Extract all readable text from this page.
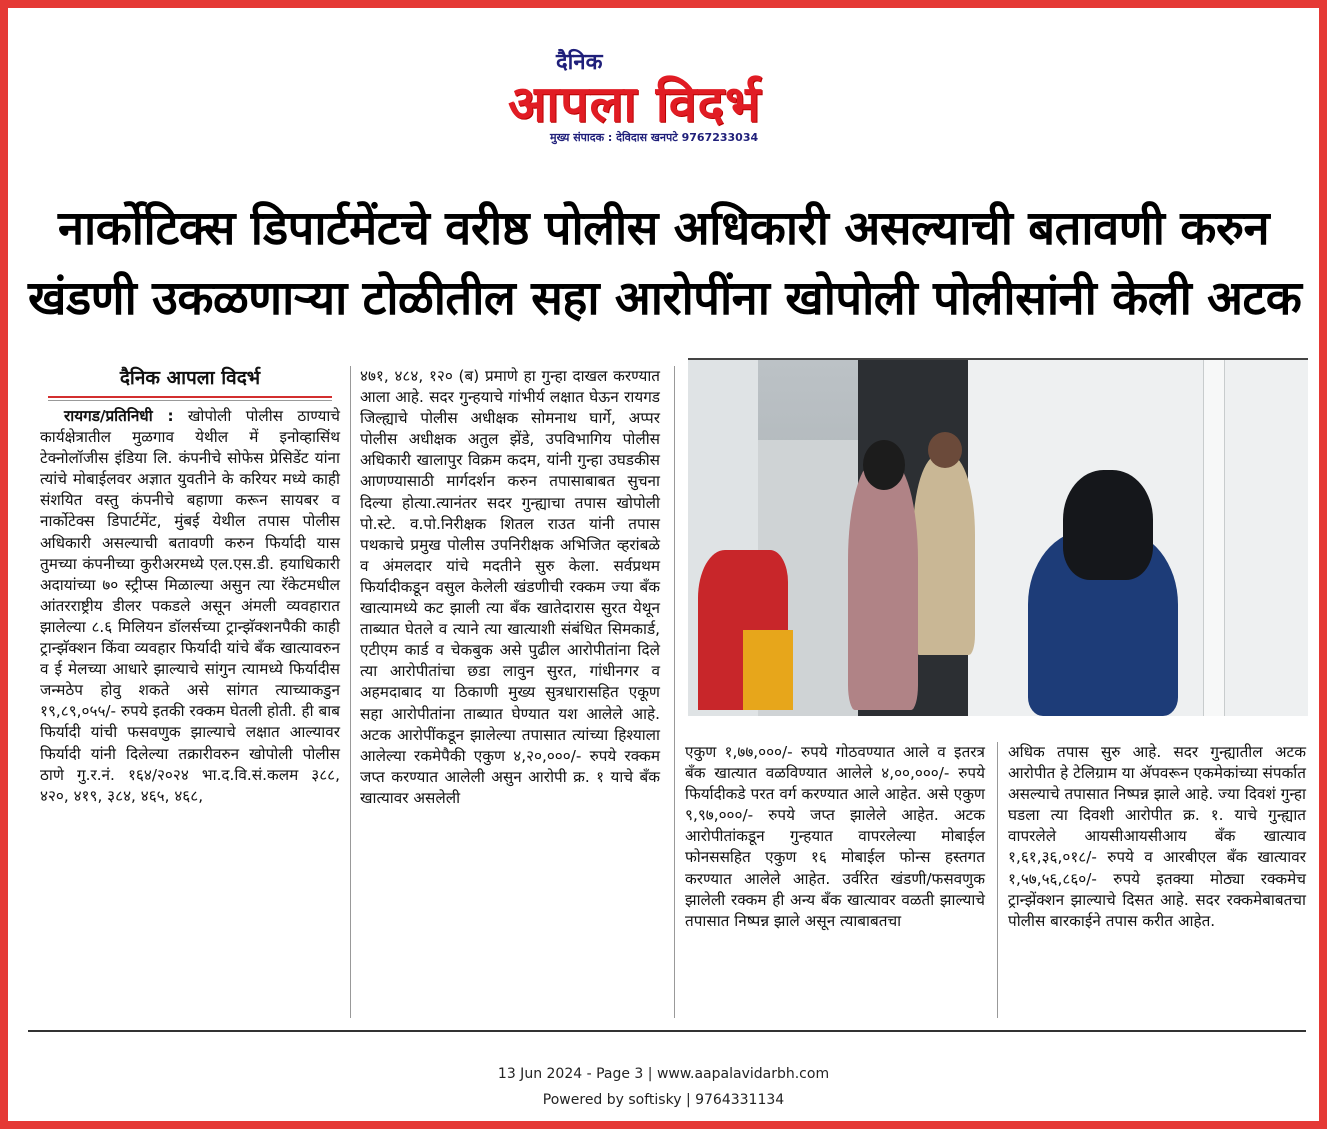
दैनिक
आपला विदर्भ
मुख्य संपादक : देविदास खनपटे 9767233034
नार्कोटिक्स डिपार्टमेंटचे वरीष्ठ पोलीस अधिकारी असल्याची बतावणी करुन
खंडणी उकळणाऱ्या टोळीतील सहा आरोपींना खोपोली पोलीसांनी केली अटक
दैनिक आपला विदर्भ

रायगड/प्रतिनिधी : खोपोली पोलीस ठाण्याचे कार्यक्षेत्रातील मुळगाव येथील में इनोव्हासिंथ टेक्नोलॉजीस इंडिया लि. कंपनीचे सोफेस प्रेसिडेंट यांना त्यांचे मोबाईलवर अज्ञात युवतीने के करियर मध्ये काही संशयित वस्तु कंपनीचे बहाणा करून सायबर व नार्कोटेक्स डिपार्टमेंट, मुंबई येथील तपास पोलीस अधिकारी असल्याची बतावणी करुन फिर्यादी यास तुमच्या कंपनीच्या कुरीअरमध्ये एल.एस.डी. हयाधिकारी अदायांच्या ७० स्ट्रीप्स मिळाल्या असुन त्या रॅकेटमधील आंतरराष्ट्रीय डीलर पकडले असून अंमली व्यवहारात झालेल्या ८.६ मिलियन डॉलर्सच्या ट्रान्झॅक्शनपैकी काही ट्रान्झॅक्शन किंवा व्यवहार फिर्यादी यांचे बँक खात्यावरुन व ई मेलच्या आधारे झाल्याचे सांगुन त्यामध्ये फिर्यादीस जन्मठेप होवु शकते असे सांगत त्याच्याकडुन १९,८९,०५५/- रुपये इतकी रक्कम घेतली होती. ही बाब फिर्यादी यांची फसवणुक झाल्याचे लक्षात आल्यावर फिर्यादी यांनी दिलेल्या तक्रारीवरुन खोपोली पोलीस ठाणे गु.र.नं. १६४/२०२४ भा.द.वि.सं.कलम ३८८, ४२०, ४१९, ३८४, ४६५, ४६८,

४७१, ४८४, १२० (ब) प्रमाणे हा गुन्हा दाखल करण्यात आला आहे. सदर गुन्हयाचे गांभीर्य लक्षात घेऊन रायगड जिल्ह्याचे पोलीस अधीक्षक सोमनाथ घार्गे, अप्पर पोलीस अधीक्षक अतुल झेंडे, उपविभागिय पोलीस अधिकारी खालापुर विक्रम कदम, यांनी गुन्हा उघडकीस आणण्यासाठी मार्गदर्शन करुन तपासाबाबत सुचना दिल्या होत्या.त्यानंतर सदर गुन्ह्याचा तपास खोपोली पो.स्टे. व.पो.निरीक्षक शितल राउत यांनी तपास पथकाचे प्रमुख पोलीस उपनिरीक्षक अभिजित व्हरांबळे व अंमलदार यांचे मदतीने सुरु केला. सर्वप्रथम फिर्यादीकडून वसुल केलेली खंडणीची रक्कम ज्या बँक खात्यामध्ये कट झाली त्या बँक खातेदारास सुरत येथून ताब्यात घेतले व त्याने त्या खात्याशी संबंधित सिमकार्ड, एटीएम कार्ड व चेकबुक असे पुढील आरोपीतांना दिले त्या आरोपीतांचा छडा लावुन सुरत, गांधीनगर व अहमदाबाद या ठिकाणी मुख्य सुत्रधारासहित एकूण सहा आरोपीतांना ताब्यात घेण्यात यश आलेले आहे. अटक आरोपींकडून झालेल्या तपासात त्यांच्या हिश्याला आलेल्या रकमेपैकी एकुण ४,२०,०००/- रुपये रक्कम जप्त करण्यात आलेली असुन आरोपी क्र. १ याचे बँक खात्यावर असलेली
एकुण १,७७,०००/- रुपये गोठवण्यात आले व इतरत्र बँक खात्यात वळविण्यात आलेले ४,००,०००/- रुपये फिर्यादीकडे परत वर्ग करण्यात आले आहेत. असे एकुण ९,९७,०००/- रुपये जप्त झालेले आहेत. अटक आरोपीतांकडून गुन्हयात वापरलेल्या मोबाईल फोनससहित एकुण १६ मोबाईल फोन्स हस्तगत करण्यात आलेले आहेत. उर्वरित खंडणी/फसवणुक झालेली रक्कम ही अन्य बँक खात्यावर वळती झाल्याचे तपासात निष्पन्न झाले असून त्याबाबतचा
अधिक तपास सुरु आहे. सदर गुन्ह्यातील अटक आरोपीत हे टेलिग्राम या अ‍ॅपवरून एकमेकांच्या संपर्कात असल्याचे तपासात निष्पन्न झाले आहे. ज्या दिवशं गुन्हा घडला त्या दिवशी आरोपीत क्र. १. याचे गुन्ह्यात वापरलेले आयसीआयसीआय बँक खात्याव १,६१,३६,०१८/- रुपये व आरबीएल बँक खात्यावर १,५७,५६,८६०/- रुपये इतक्या मोठ्या रक्कमेच ट्रान्झेंक्शन झाल्याचे दिसत आहे. सदर रक्कमेबाबतचा पोलीस बारकाईने तपास करीत आहेत.
13 Jun 2024 - Page 3 | www.aapalavidarbh.com
Powered by softisky | 9764331134
